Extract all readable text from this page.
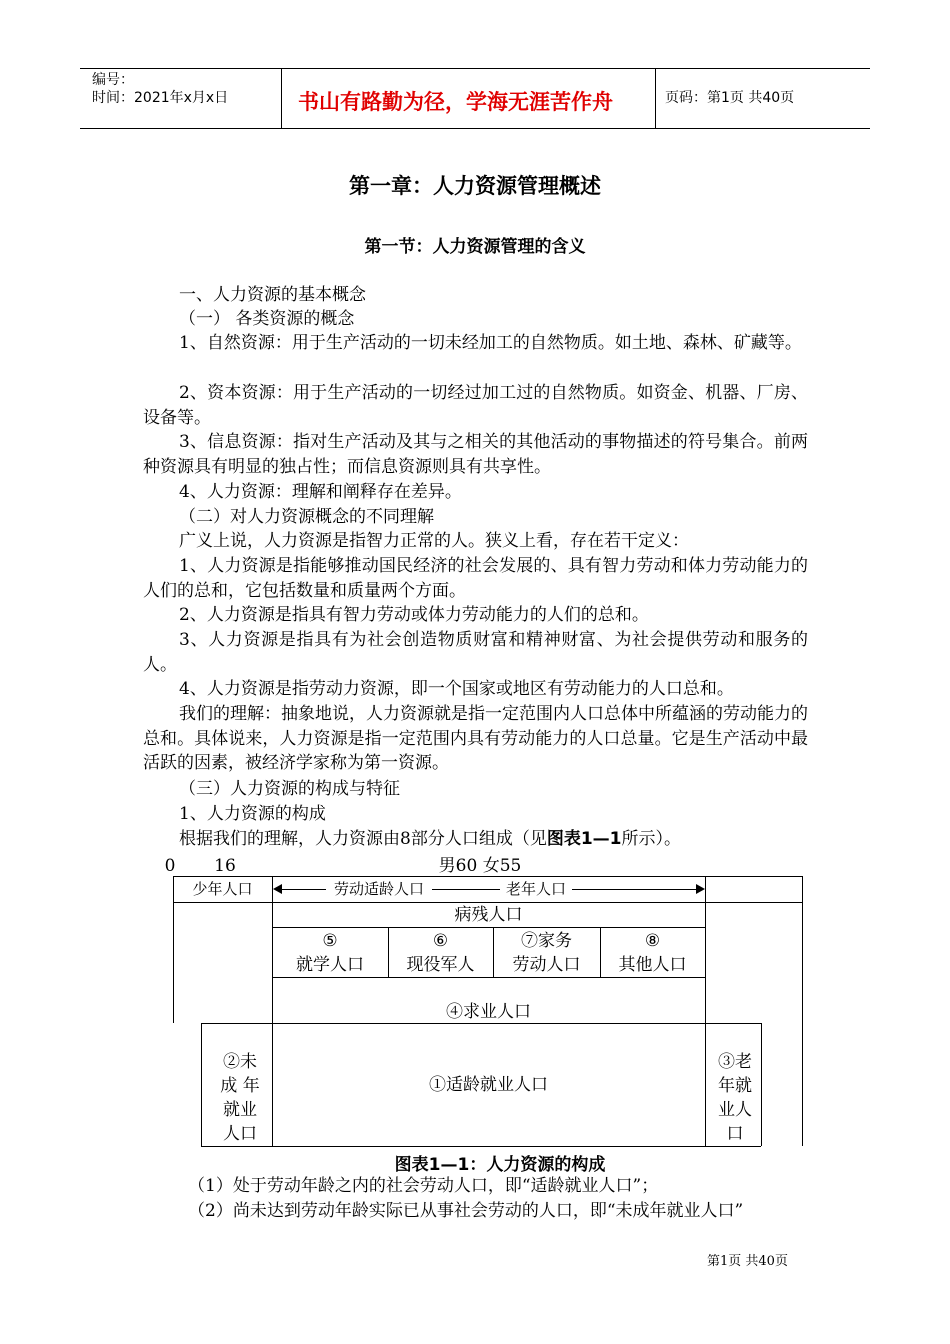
编号：
时间：2021年x月x日	书山有路勤为径，学海无涯苦作舟	页码：第1页 共40页
第一章：人力资源管理概述
第一节：人力资源管理的含义
一、人力资源的基本概念
（一） 各类资源的概念
1、自然资源：用于生产活动的一切未经加工的自然物质。如土地、森林、矿藏等。
2、资本资源：用于生产活动的一切经过加工过的自然物质。如资金、机器、厂房、设备等。
3、信息资源：指对生产活动及其与之相关的其他活动的事物描述的符号集合。前两种资源具有明显的独占性；而信息资源则具有共享性。
4、人力资源：理解和阐释存在差异。
（二）对人力资源概念的不同理解
广义上说，人力资源是指智力正常的人。狭义上看，存在若干定义：
1、人力资源是指能够推动国民经济的社会发展的、具有智力劳动和体力劳动能力的人们的总和，它包括数量和质量两个方面。
2、人力资源是指具有智力劳动或体力劳动能力的人们的总和。
3、人力资源是指具有为社会创造物质财富和精神财富、为社会提供劳动和服务的人。
4、人力资源是指劳动力资源，即一个国家或地区有劳动能力的人口总和。
我们的理解：抽象地说，人力资源就是指一定范围内人口总体中所蕴涵的劳动能力的总和。具体说来，人力资源是指一定范围内具有劳动能力的人口总量。它是生产活动中最活跃的因素，被经济学家称为第一资源。
（三）人力资源的构成与特征
1、人力资源的构成
根据我们的理解，人力资源由8部分人口组成（见图表1—1所示）。
0 16	男60 女55
少年人口	劳动适龄人口	老年人口
病残人口
⑤
就学人口
⑥
现役军人
⑦家务
劳动人口
⑧
其他人口
④求业人口
①适龄就业人口
②未
成 年
就业
人口
③老
年就
业人
口
图表1—1：人力资源的构成
（1）处于劳动年龄之内的社会劳动人口，即“适龄就业人口”；
（2）尚未达到劳动年龄实际已从事社会劳动的人口，即“未成年就业人口”
第1页 共40页
